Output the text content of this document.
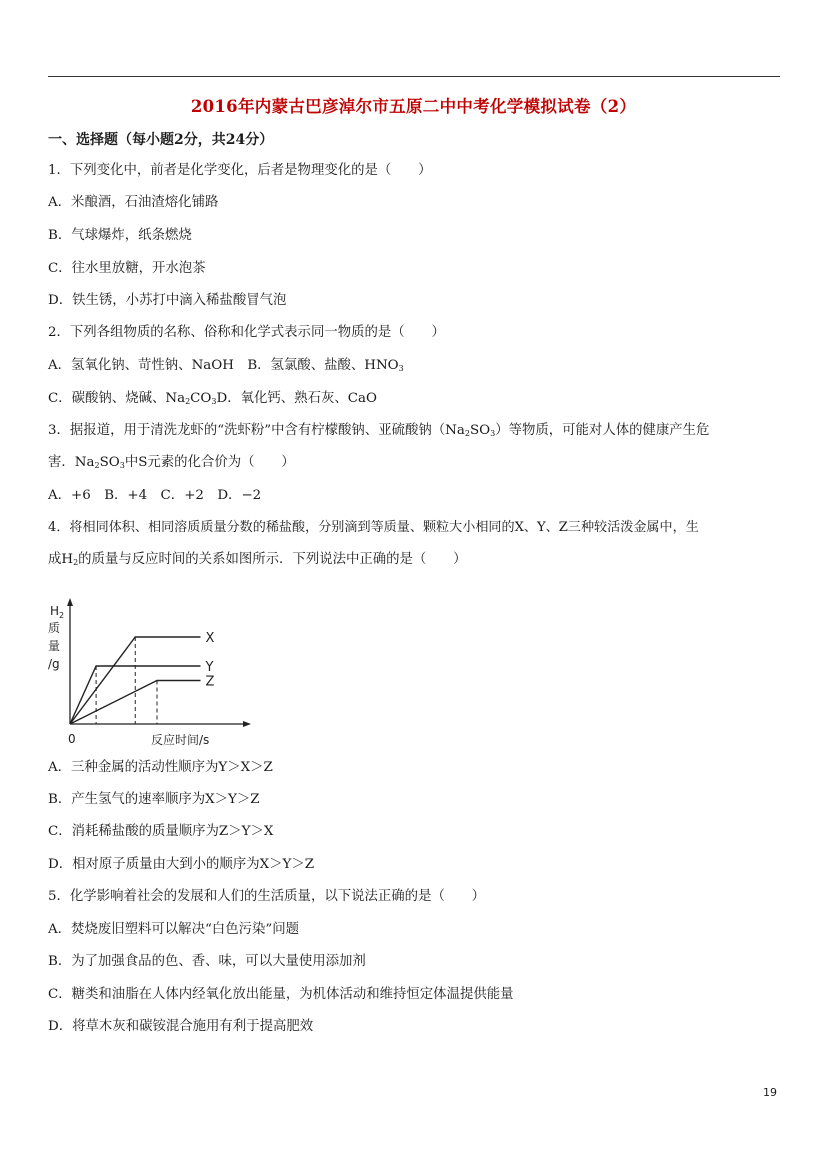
2016年内蒙古巴彦淖尔市五原二中中考化学模拟试卷（2）
一、选择题（每小题2分，共24分）
1．下列变化中，前者是化学变化，后者是物理变化的是（　　）
A．米酿酒，石油渣熔化铺路
B．气球爆炸，纸条燃烧
C．往水里放糖，开水泡茶
D．铁生锈，小苏打中滴入稀盐酸冒气泡
2．下列各组物质的名称、俗称和化学式表示同一物质的是（　　）
A．氢氧化钠、苛性钠、NaOH　B．氢氯酸、盐酸、$HNO_3$
C．碳酸钠、烧碱、$Na_2CO_3D$．氧化钙、熟石灰、CaO
3．据报道，用于清洗龙虾的“洗虾粉”中含有柠檬酸钠、亚硫酸钠$(Na_2SO_3)$等物质，可能对人体的健康产生危
害．$Na_2SO_3$中S元素的化合价为（　　）
A．+6　B．+4　C．+2　D．−2
4．将相同体积、相同溶质质量分数的稀盐酸，分别滴到等质量、颗粒大小相同的X、Y、Z三种较活泼金属中，生
成$H_2$的质量与反应时间的关系如图所示．下列说法中正确的是（　　）
H 2
质
量
/g
0	反应时间/s
X
Y
Z
A．三种金属的活动性顺序为Y＞X＞Z
B．产生氢气的速率顺序为X＞Y＞Z
C．消耗稀盐酸的质量顺序为Z＞Y＞X
D．相对原子质量由大到小的顺序为X＞Y＞Z
5．化学影响着社会的发展和人们的生活质量，以下说法正确的是（　　）
A．焚烧废旧塑料可以解决“白色污染”问题
B．为了加强食品的色、香、味，可以大量使用添加剂
C．糖类和油脂在人体内经氧化放出能量，为机体活动和维持恒定体温提供能量
D．将草木灰和碳铵混合施用有利于提高肥效
19
